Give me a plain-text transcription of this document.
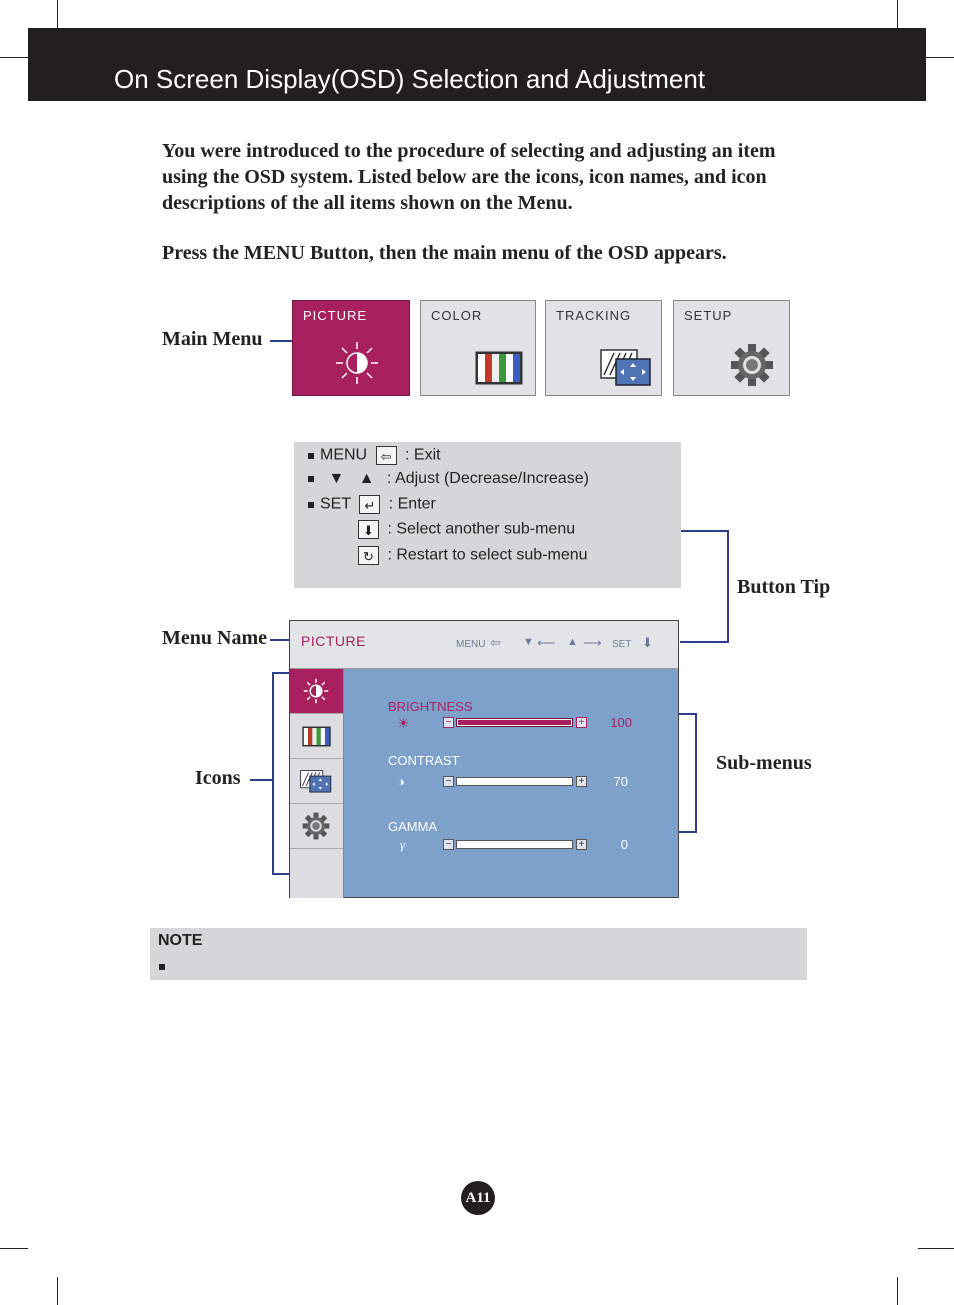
On Screen Display(OSD) Selection and Adjustment
You were introduced to the procedure of selecting and adjusting an item using the OSD system. Listed below are the icons, icon names, and icon descriptions of the all items shown on the Menu.
Press the MENU Button, then the main menu of the OSD appears.
Main Menu
PICTURE	COLOR	TRACKING	SETUP
MENU ⇦ : Exit
▼ ▲ : Adjust (Decrease/Increase)
SET ↵ : Enter
⬇ : Select another sub-menu
↻ : Restart to select sub-menu
Button Tip
Menu Name
Icons
Sub-menus
PICTURE	MENU ⇦ ▼ ⟵ ▲ ⟶ SET ⬇
BRIGHTNESS
☀	−	+	100
CONTRAST
◑	−	+	70
GAMMA
γ	−	+	0
NOTE
A11
